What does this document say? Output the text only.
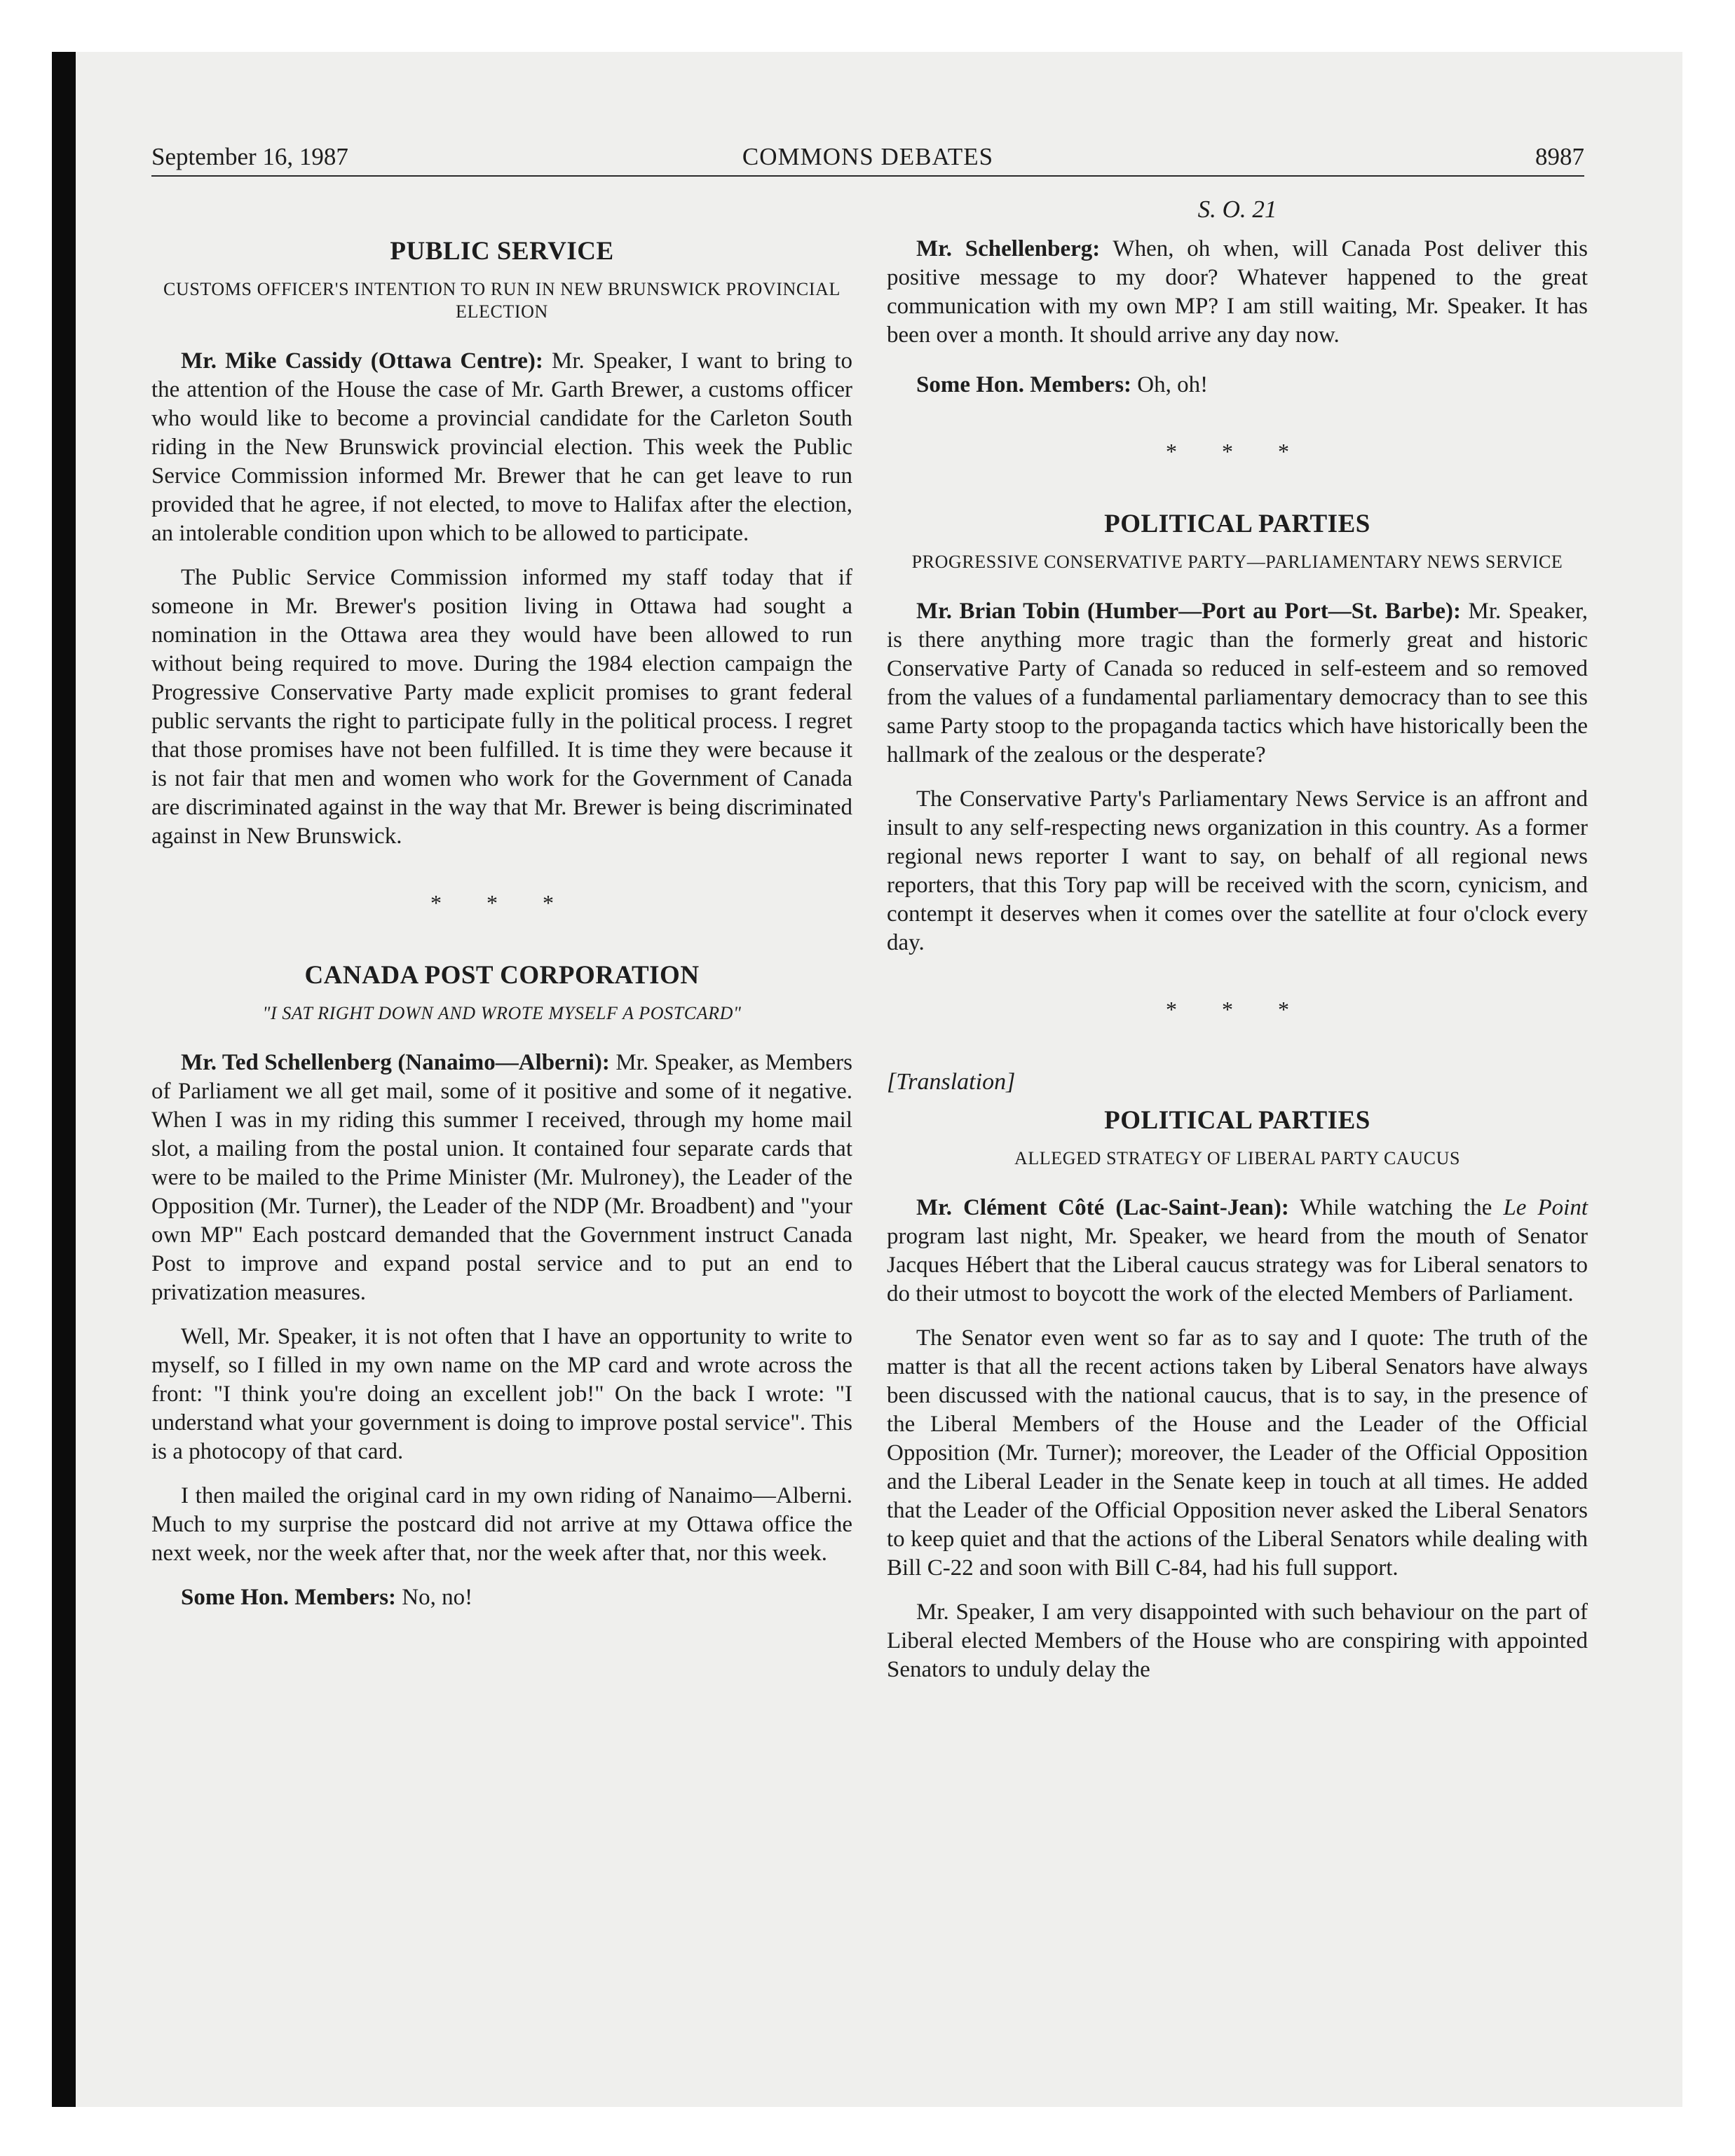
September 16, 1987	COMMONS DEBATES	8987
PUBLIC SERVICE
CUSTOMS OFFICER'S INTENTION TO RUN IN NEW BRUNSWICK PROVINCIAL ELECTION

Mr. Mike Cassidy (Ottawa Centre): Mr. Speaker, I want to bring to the attention of the House the case of Mr. Garth Brewer, a customs officer who would like to become a provincial candidate for the Carleton South riding in the New Brunswick provincial election. This week the Public Service Commission informed Mr. Brewer that he can get leave to run provided that he agree, if not elected, to move to Halifax after the election, an intolerable condition upon which to be allowed to participate.

The Public Service Commission informed my staff today that if someone in Mr. Brewer's position living in Ottawa had sought a nomination in the Ottawa area they would have been allowed to run without being required to move. During the 1984 election campaign the Progressive Conservative Party made explicit promises to grant federal public servants the right to participate fully in the political process. I regret that those promises have not been fulfilled. It is time they were because it is not fair that men and women who work for the Government of Canada are discriminated against in the way that Mr. Brewer is being discriminated against in New Brunswick.

* * *
CANADA POST CORPORATION
"I SAT RIGHT DOWN AND WROTE MYSELF A POSTCARD"

Mr. Ted Schellenberg (Nanaimo—Alberni): Mr. Speaker, as Members of Parliament we all get mail, some of it positive and some of it negative. When I was in my riding this summer I received, through my home mail slot, a mailing from the postal union. It contained four separate cards that were to be mailed to the Prime Minister (Mr. Mulroney), the Leader of the Opposition (Mr. Turner), the Leader of the NDP (Mr. Broadbent) and "your own MP" Each postcard demanded that the Government instruct Canada Post to improve and expand postal service and to put an end to privatization measures.

Well, Mr. Speaker, it is not often that I have an opportunity to write to myself, so I filled in my own name on the MP card and wrote across the front: "I think you're doing an excellent job!" On the back I wrote: "I understand what your government is doing to improve postal service". This is a photocopy of that card.

I then mailed the original card in my own riding of Nanaimo—Alberni. Much to my surprise the postcard did not arrive at my Ottawa office the next week, nor the week after that, nor the week after that, nor this week.

Some Hon. Members: No, no!

S. O. 21

Mr. Schellenberg: When, oh when, will Canada Post deliver this positive message to my door? Whatever happened to the great communication with my own MP? I am still waiting, Mr. Speaker. It has been over a month. It should arrive any day now.

Some Hon. Members: Oh, oh!

* * *
POLITICAL PARTIES
PROGRESSIVE CONSERVATIVE PARTY—PARLIAMENTARY NEWS SERVICE

Mr. Brian Tobin (Humber—Port au Port—St. Barbe): Mr. Speaker, is there anything more tragic than the formerly great and historic Conservative Party of Canada so reduced in self-esteem and so removed from the values of a fundamental parliamentary democracy than to see this same Party stoop to the propaganda tactics which have historically been the hallmark of the zealous or the desperate?

The Conservative Party's Parliamentary News Service is an affront and insult to any self-respecting news organization in this country. As a former regional news reporter I want to say, on behalf of all regional news reporters, that this Tory pap will be received with the scorn, cynicism, and contempt it deserves when it comes over the satellite at four o'clock every day.

* * *
[Translation]
POLITICAL PARTIES
ALLEGED STRATEGY OF LIBERAL PARTY CAUCUS

Mr. Clément Côté (Lac-Saint-Jean): While watching the Le Point program last night, Mr. Speaker, we heard from the mouth of Senator Jacques Hébert that the Liberal caucus strategy was for Liberal senators to do their utmost to boycott the work of the elected Members of Parliament.

The Senator even went so far as to say and I quote: The truth of the matter is that all the recent actions taken by Liberal Senators have always been discussed with the national caucus, that is to say, in the presence of the Liberal Members of the House and the Leader of the Official Opposition (Mr. Turner); moreover, the Leader of the Official Opposition and the Liberal Leader in the Senate keep in touch at all times. He added that the Leader of the Official Opposition never asked the Liberal Senators to keep quiet and that the actions of the Liberal Senators while dealing with Bill C-22 and soon with Bill C-84, had his full support.

Mr. Speaker, I am very disappointed with such behaviour on the part of Liberal elected Members of the House who are conspiring with appointed Senators to unduly delay the
